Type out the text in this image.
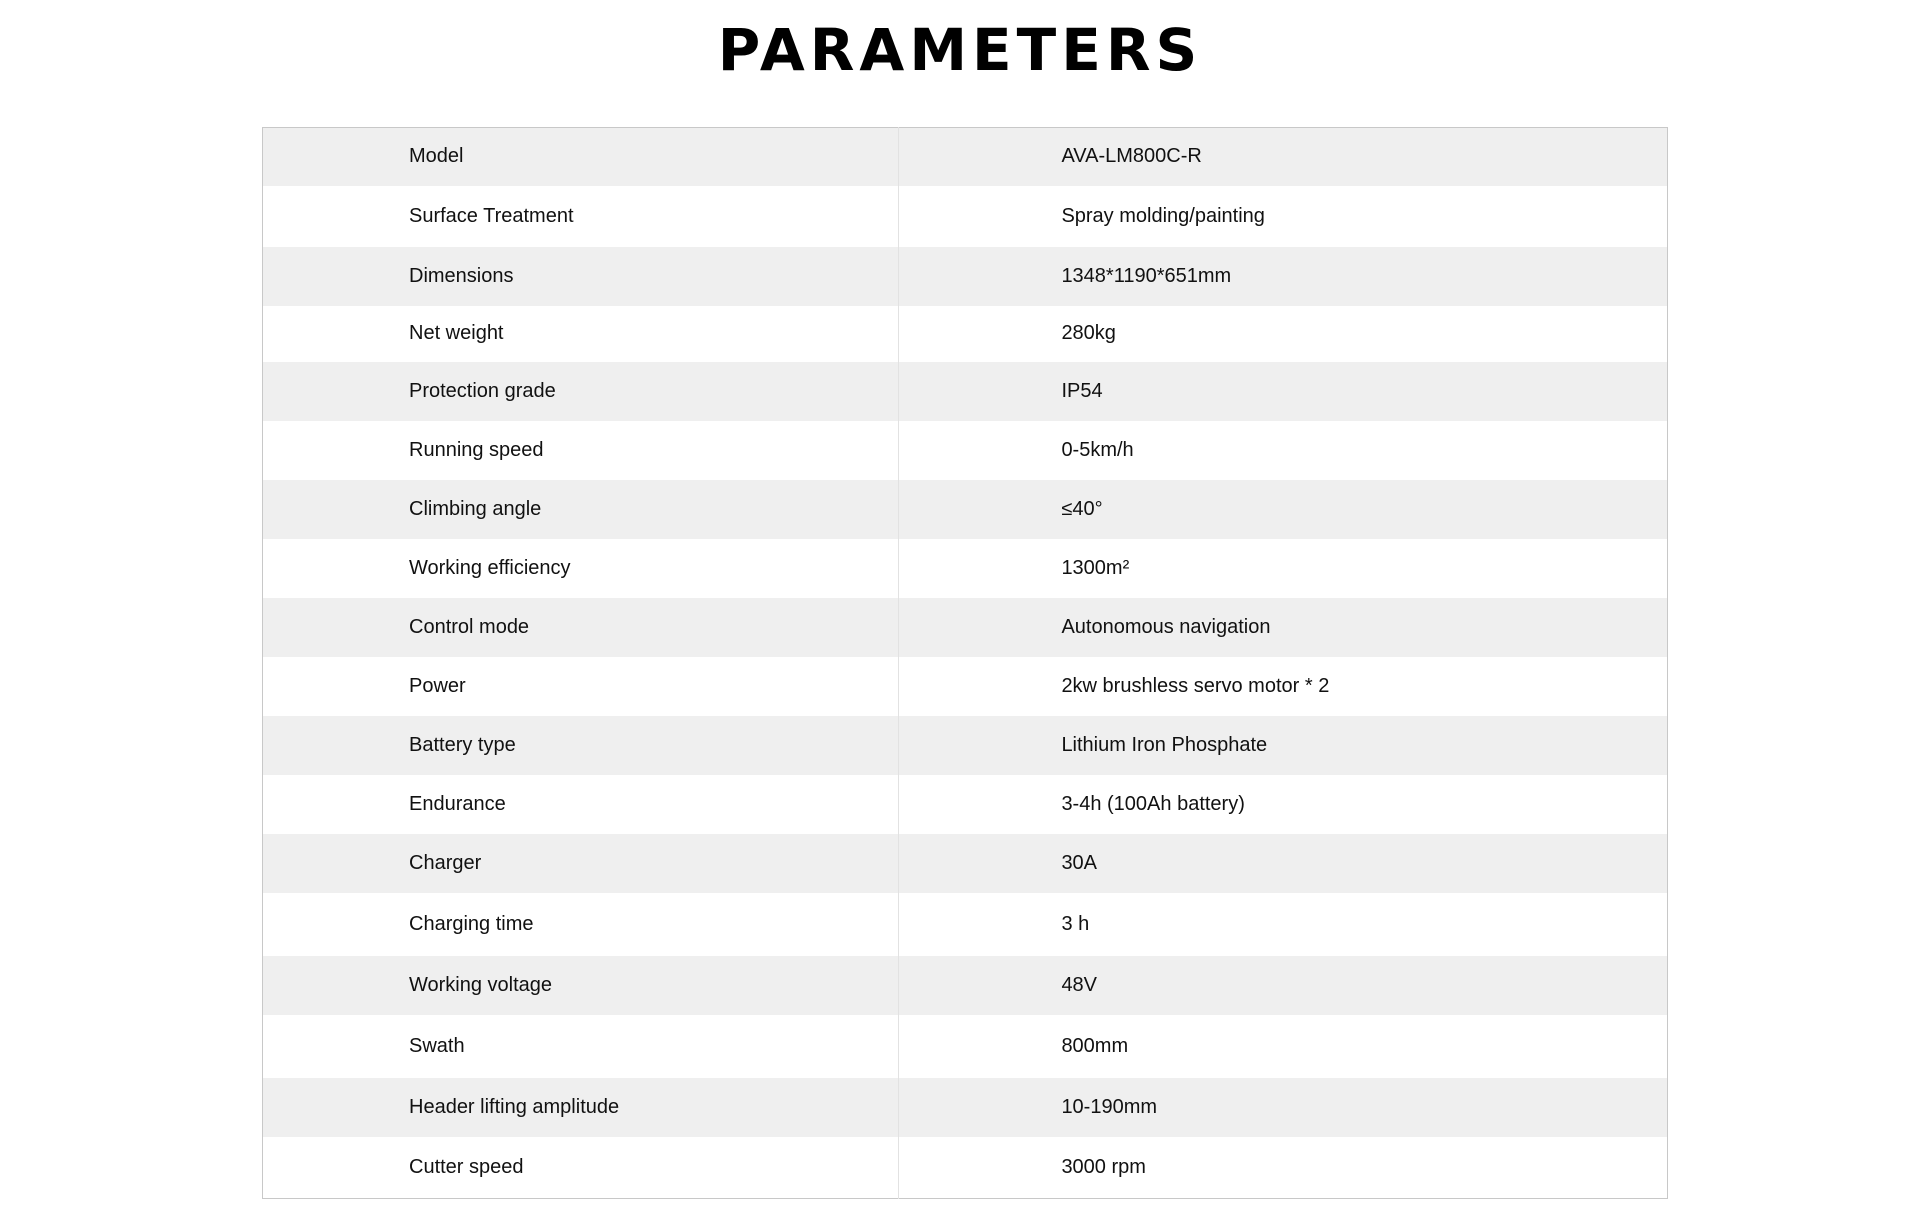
PARAMETERS
Model	AVA-LM800C-R
Surface Treatment	Spray molding/painting
Dimensions	1348*1190*651mm
Net weight	280kg
Protection grade	IP54
Running speed	0-5km/h
Climbing angle	≤40°
Working efficiency	1300m²
Control mode	Autonomous navigation
Power	2kw brushless servo motor * 2
Battery type	Lithium Iron Phosphate
Endurance	3-4h (100Ah battery)
Charger	30A
Charging time	3 h
Working voltage	48V
Swath	800mm
Header lifting amplitude	10-190mm
Cutter speed	3000 rpm
